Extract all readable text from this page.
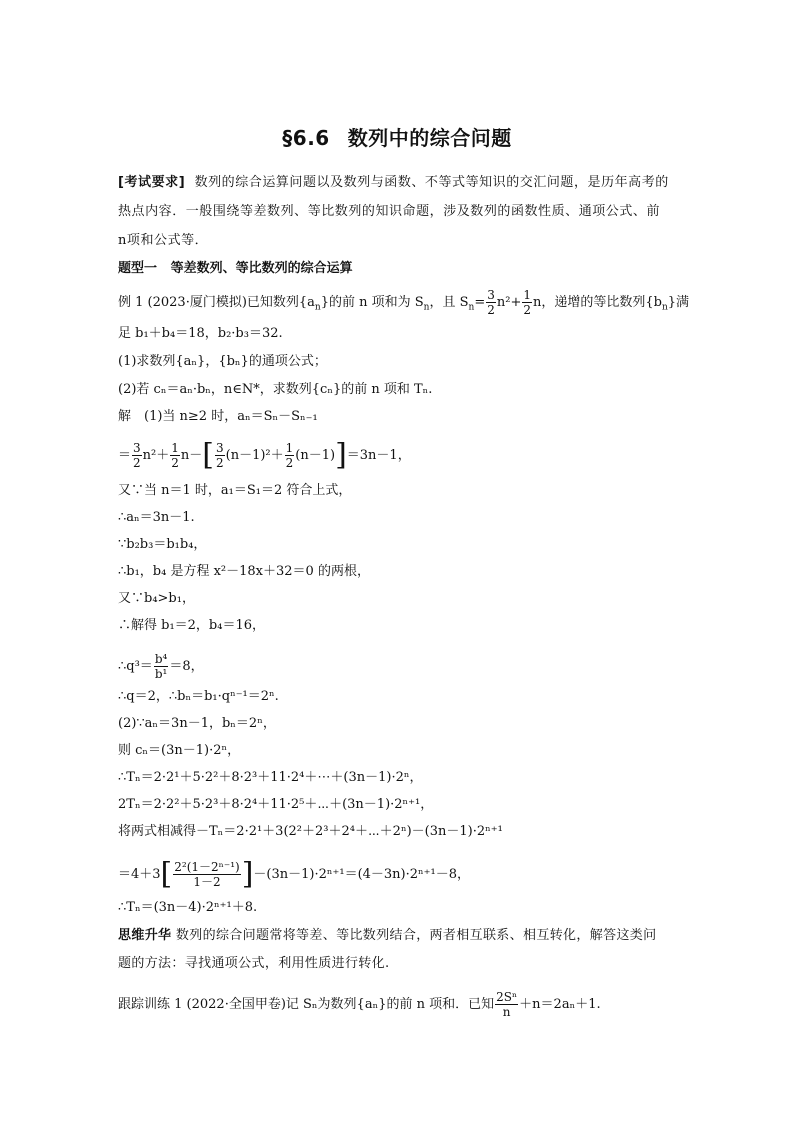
§6.6 数列中的综合问题
[考试要求] 数列的综合运算问题以及数列与函数、不等式等知识的交汇问题，是历年高考的
热点内容．一般围绕等差数列、等比数列的知识命题，涉及数列的函数性质、通项公式、前
n项和公式等．
题型一 等差数列、等比数列的综合运算
例 1 (2023·厦门模拟)已知数列$\{a_n\}$的前 n 项和为 $S_n$，且 $S_n= \frac{3}{2} n^2+ \frac{1}{2}$ n，递增的等比数列$\{b_n\}$满
足 b₁＋b₄＝18，b₂·b₃＝32.
(1)求数列{aₙ}，{bₙ}的通项公式；
(2)若 cₙ＝aₙ·bₙ，n∈N*，求数列{cₙ}的前 n 项和 Tₙ.
解　(1)当 n≥2 时，aₙ＝Sₙ－Sₙ₋₁
＝ $\frac{3}{2} n^2+ \frac{1}{2} n-[ \frac{3}{2} (n-1)^2+ \frac{1}{2} (n-1)]=3n-1$，
又∵当 n＝1 时，a₁＝S₁＝2 符合上式，
∴aₙ＝3n－1.
∵b₂b₃＝b₁b₄，
∴b₁，b₄ 是方程 x²－18x＋32＝0 的两根，
又∵b₄>b₁，
∴解得 b₁＝2，b₄＝16，
∴q³＝ $\frac{\text{b⁴}}{\text{b¹}} =8$，
∴q＝2，∴bₙ＝b₁·qⁿ⁻¹＝2ⁿ.
(2)∵aₙ＝3n－1，bₙ＝2ⁿ，
则 cₙ＝(3n－1)·2ⁿ，
∴Tₙ＝2·2¹＋5·2²＋8·2³＋11·2⁴＋⋯＋(3n－1)·2ⁿ，
2Tₙ＝2·2²＋5·2³＋8·2⁴＋11·2⁵＋⋯＋(3n－1)·2ⁿ⁺¹，
将两式相减得－Tₙ＝2·2¹＋3(2²＋2³＋2⁴＋⋯＋2ⁿ)－(3n－1)·2ⁿ⁺¹
$=4+3[ \frac{\text{2²(1－2ⁿ⁻¹)}}{1-2} ]-(3n-1)\cdot 2^{n+1}=(4-3n)\cdot 2^{n+1}-8$，
∴Tₙ＝(3n－4)·2ⁿ⁺¹＋8.
思维升华 数列的综合问题常将等差、等比数列结合，两者相互联系、相互转化，解答这类问
题的方法：寻找通项公式，利用性质进行转化.
跟踪训练 1 (2022·全国甲卷)记 Sₙ为数列{aₙ}的前 n 项和．已知 $\frac{\text{2Sⁿ}}{n} +n=2a_n+1$.
